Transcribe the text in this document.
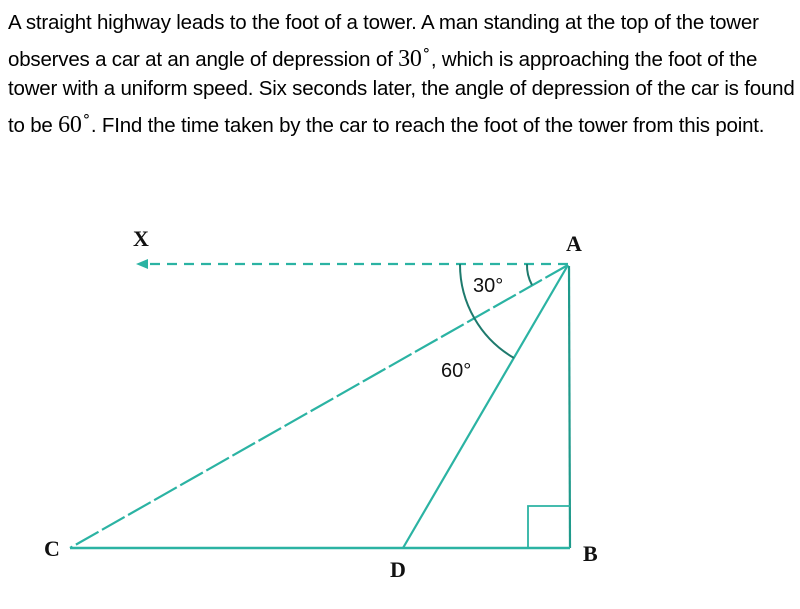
A straight highway leads to the foot of a tower. A man standing at the top of the tower observes a car at an angle of depression of 30∘, which is approaching the foot of the tower with a uniform speed. Six seconds later, the angle of depression of the car is found to be 60∘. FInd the time taken by the car to reach the foot of the tower from this point.
30°
60°
X	A
B
C
D
